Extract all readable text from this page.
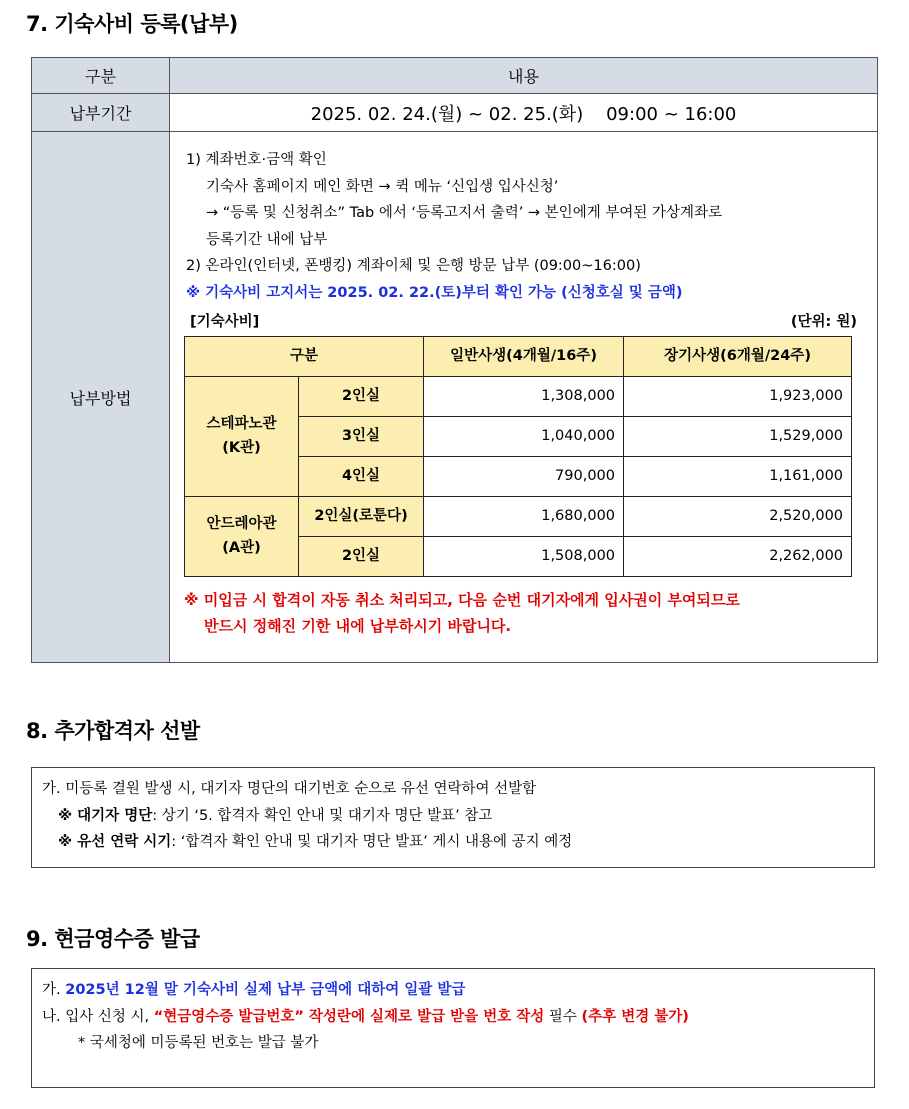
7. 기숙사비 등록(납부)
구분	내용
납부기간	2025. 02. 24.(월) ~ 02. 25.(화)    09:00 ~ 16:00
납부방법	
1) 계좌번호·금액 확인
기숙사 홈페이지 메인 화면 → 퀵 메뉴 ‘신입생 입사신청’
→ “등록 및 신청취소” Tab 에서 ‘등록고지서 출력’ → 본인에게 부여된 가상계좌로
등록기간 내에 납부
2) 온라인(인터넷, 폰뱅킹) 계좌이체 및 은행 방문 납부 (09:00~16:00)
※ 기숙사비 고지서는 2025. 02. 22.(토)부터 확인 가능 (신청호실 및 금액)
[기숙사비]	(단위: 원)
구분	일반사생(4개월/16주)	장기사생(6개월/24주)

스테파노관
(K관)
	2인실	1,308,000	1,923,000
3인실	1,040,000	1,529,000
4인실	790,000	1,161,000

안드레아관
(A관)
	2인실(로툰다)	1,680,000	2,520,000
2인실	1,508,000	2,262,000
※ 미입금 시 합격이 자동 취소 처리되고, 다음 순번 대기자에게 입사권이 부여되므로
반드시 정해진 기한 내에 납부하시기 바랍니다.
8. 추가합격자 선발
가. 미등록 결원 발생 시, 대기자 명단의 대기번호 순으로 유선 연락하여 선발함
※ 대기자 명단: 상기 ‘5. 합격자 확인 안내 및 대기자 명단 발표’ 참고
※ 유선 연락 시기: ‘합격자 확인 안내 및 대기자 명단 발표’ 게시 내용에 공지 예정
9. 현금영수증 발급
가. 2025년 12월 말 기숙사비 실제 납부 금액에 대하여 일괄 발급
나. 입사 신청 시, “현금영수증 발급번호” 작성란에 실제로 발급 받을 번호 작성 필수 (추후 변경 불가)
* 국세청에 미등록된 번호는 발급 불가
